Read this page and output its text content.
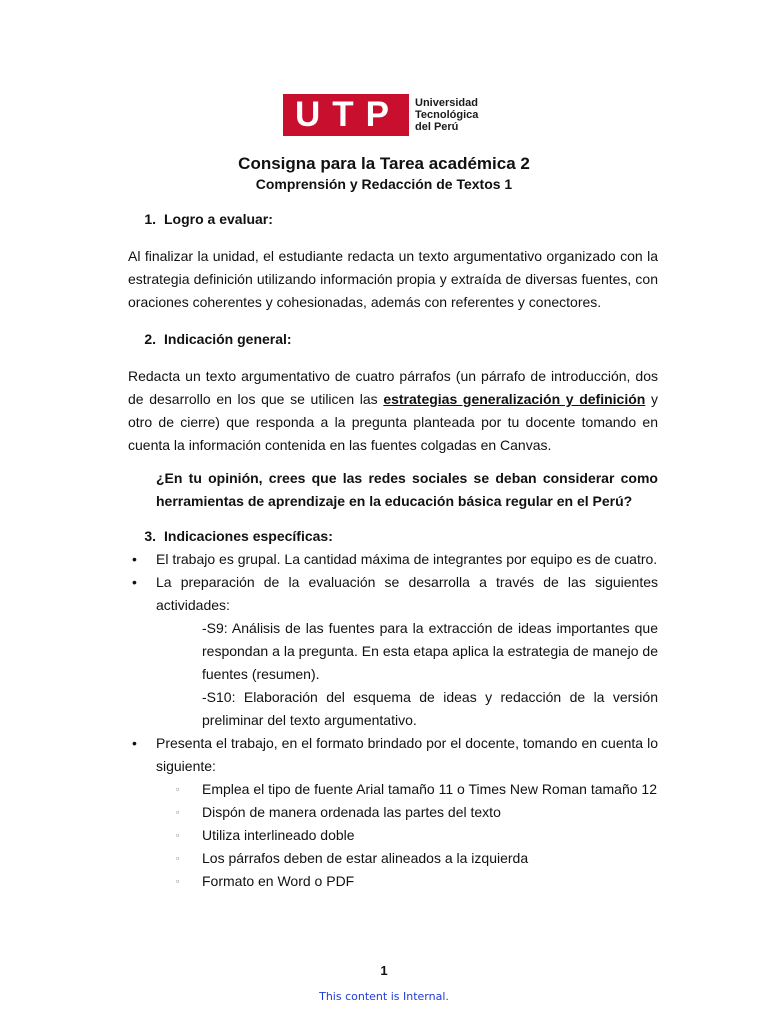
UTP Universidad
Tecnológica
del Perú
Consigna para la Tarea académica 2
Comprensión y Redacción de Textos 1
1. Logro a evaluar:

Al finalizar la unidad, el estudiante redacta un texto argumentativo organizado con la estrategia definición utilizando información propia y extraída de diversas fuentes, con oraciones coherentes y cohesionadas, además con referentes y conectores.

2. Indicación general:

Redacta un texto argumentativo de cuatro párrafos (un párrafo de introducción, dos de desarrollo en los que se utilicen las estrategias generalización y definición y otro de cierre) que responda a la pregunta planteada por tu docente tomando en cuenta la información contenida en las fuentes colgadas en Canvas.

¿En tu opinión, crees que las redes sociales se deban considerar como herramientas de aprendizaje en la educación básica regular en el Perú?

3. Indicaciones específicas:
• El trabajo es grupal. La cantidad máxima de integrantes por equipo es de cuatro.
• La preparación de la evaluación se desarrolla a través de las siguientes actividades:

-S9: Análisis de las fuentes para la extracción de ideas importantes que respondan a la pregunta. En esta etapa aplica la estrategia de manejo de fuentes (resumen).

-S10: Elaboración del esquema de ideas y redacción de la versión preliminar del texto argumentativo.

• Presenta el trabajo, en el formato brindado por el docente, tomando en cuenta lo siguiente:
▫ Emplea el tipo de fuente Arial tamaño 11 o Times New Roman tamaño 12
▫ Dispón de manera ordenada las partes del texto
▫ Utiliza interlineado doble
▫ Los párrafos deben de estar alineados a la izquierda
▫ Formato en Word o PDF
1
This content is Internal.
